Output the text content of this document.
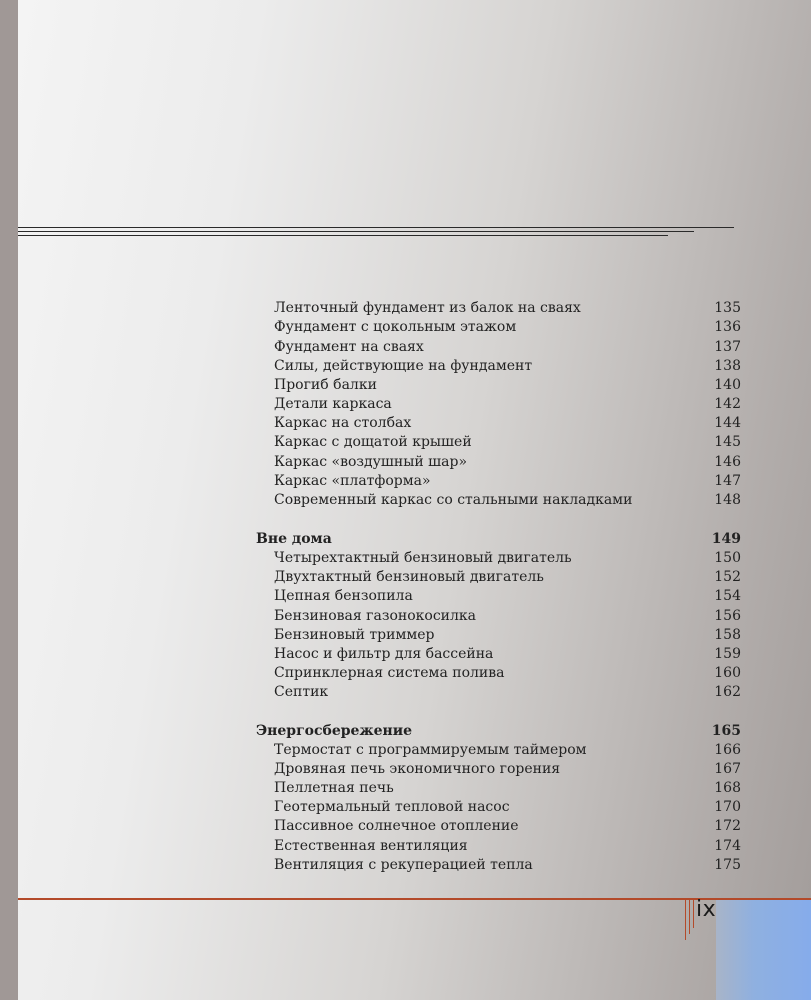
Ленточный фундамент из балок на сваях	135
Фундамент с цокольным этажом	136
Фундамент на сваях	137
Силы, действующие на фундамент	138
Прогиб балки	140
Детали каркаса	142
Каркас на столбах	144
Каркас с дощатой крышей	145
Каркас «воздушный шар»	146
Каркас «платформа»	147
Современный каркас со стальными накладками	148
Вне дома	149
Четырехтактный бензиновый двигатель	150
Двухтактный бензиновый двигатель	152
Цепная бензопила	154
Бензиновая газонокосилка	156
Бензиновый триммер	158
Насос и фильтр для бассейна	159
Спринклерная система полива	160
Септик	162
Энергосбережение	165
Термостат с программируемым таймером	166
Дровяная печь экономичного горения	167
Пеллетная печь	168
Геотермальный тепловой насос	170
Пассивное солнечное отопление	172
Естественная вентиляция	174
Вентиляция с рекуперацией тепла	175
ix
